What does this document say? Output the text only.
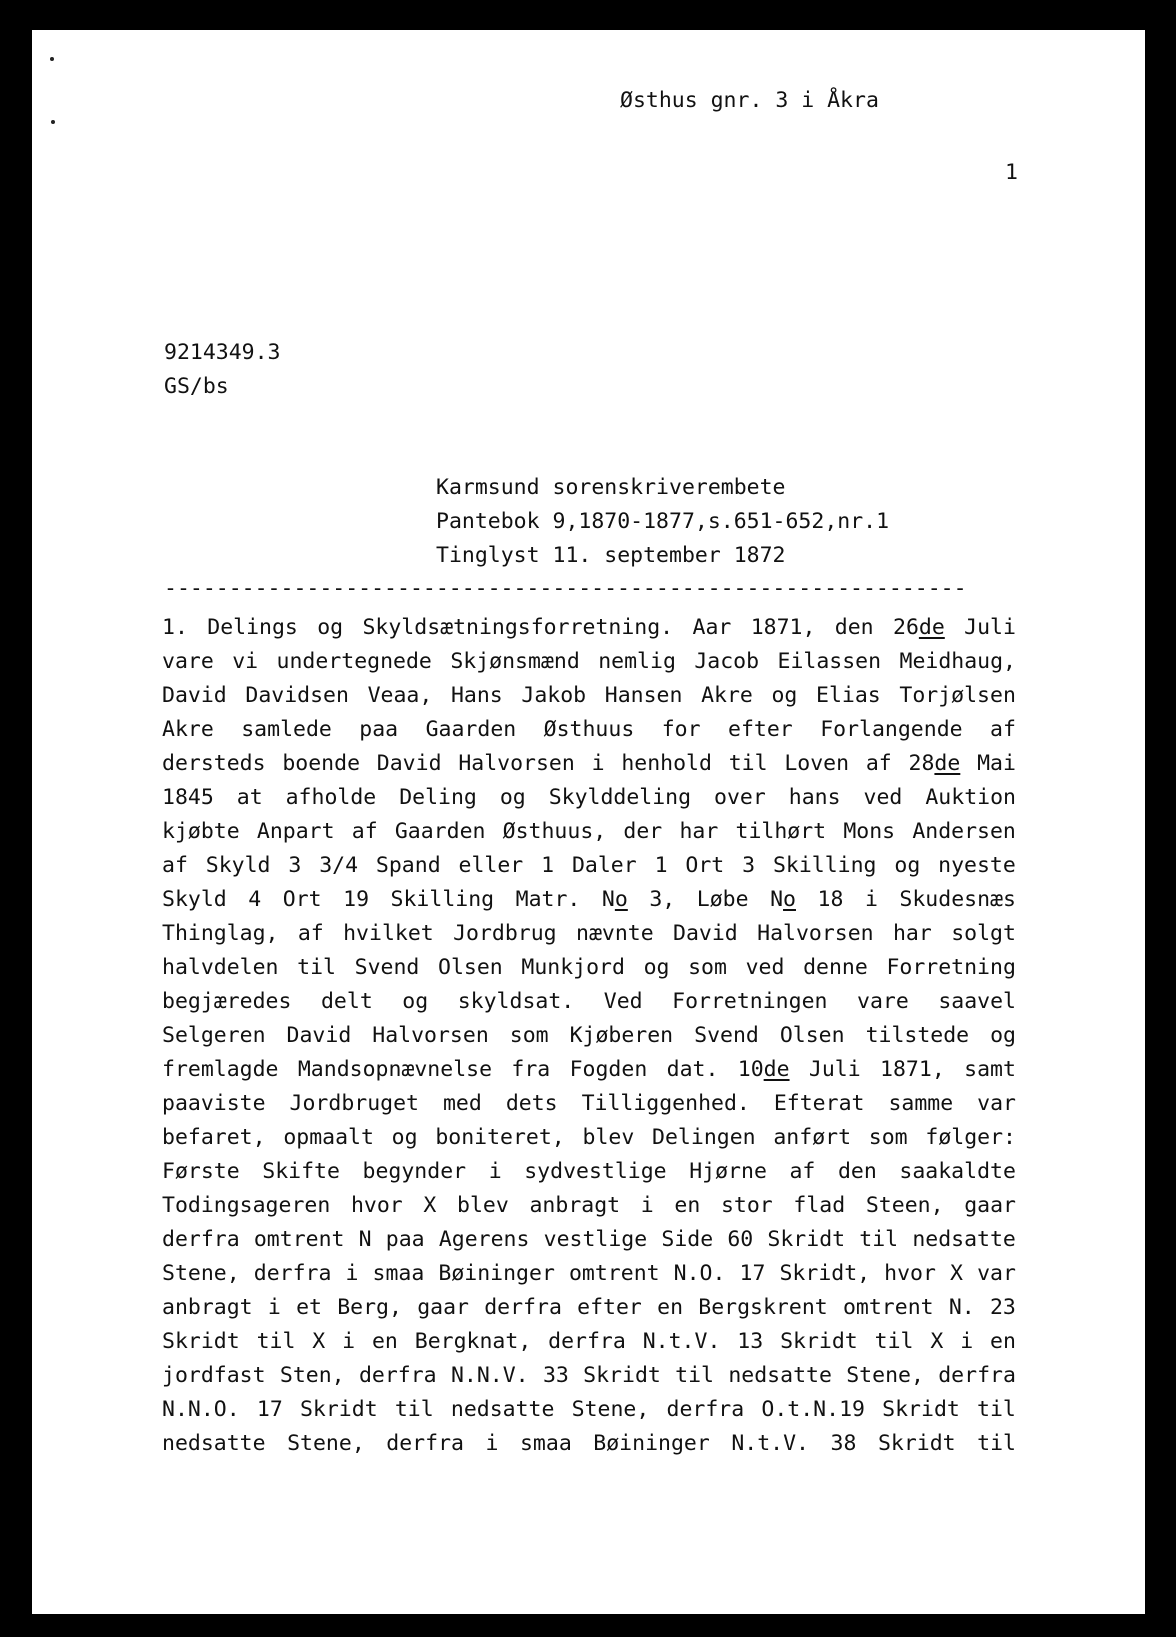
Østhus gnr. 3 i Åkra
1
9214349.3
GS/bs
Karmsund sorenskriverembete
Pantebok 9,1870-1877,s.651-652,nr.1
Tinglyst 11. september 1872
--------------------------------------------------------------
1. Delings og Skyldsætningsforretning. Aar 1871, den 26de Juli
vare vi undertegnede Skjønsmænd nemlig Jacob Eilassen Meidhaug,
David Davidsen Veaa, Hans Jakob Hansen Akre og Elias Torjølsen
Akre samlede paa Gaarden Østhuus for efter Forlangende af
dersteds boende David Halvorsen i henhold til Loven af 28de Mai
1845 at afholde Deling og Skylddeling over hans ved Auktion
kjøbte Anpart af Gaarden Østhuus, der har tilhørt Mons Andersen
af Skyld 3 3/4 Spand eller 1 Daler 1 Ort 3 Skilling og nyeste
Skyld 4 Ort 19 Skilling Matr. No 3, Løbe No 18 i Skudesnæs
Thinglag, af hvilket Jordbrug nævnte David Halvorsen har solgt
halvdelen til Svend Olsen Munkjord og som ved denne Forretning
begjæredes delt og skyldsat. Ved Forretningen vare saavel
Selgeren David Halvorsen som Kjøberen Svend Olsen tilstede og
fremlagde Mandsopnævnelse fra Fogden dat. 10de Juli 1871, samt
paaviste Jordbruget med dets Tilliggenhed. Efterat samme var
befaret, opmaalt og boniteret, blev Delingen anført som følger:
Første Skifte begynder i sydvestlige Hjørne af den saakaldte
Todingsageren hvor X blev anbragt i en stor flad Steen, gaar
derfra omtrent N paa Agerens vestlige Side 60 Skridt til nedsatte
Stene, derfra i smaa Bøininger omtrent N.O. 17 Skridt, hvor X var
anbragt i et Berg, gaar derfra efter en Bergskrent omtrent N. 23
Skridt til X i en Bergknat, derfra N.t.V. 13 Skridt til X i en
jordfast Sten, derfra N.N.V. 33 Skridt til nedsatte Stene, derfra
N.N.O. 17 Skridt til nedsatte Stene, derfra O.t.N.19 Skridt til
nedsatte Stene, derfra i smaa Bøininger N.t.V. 38 Skridt til
